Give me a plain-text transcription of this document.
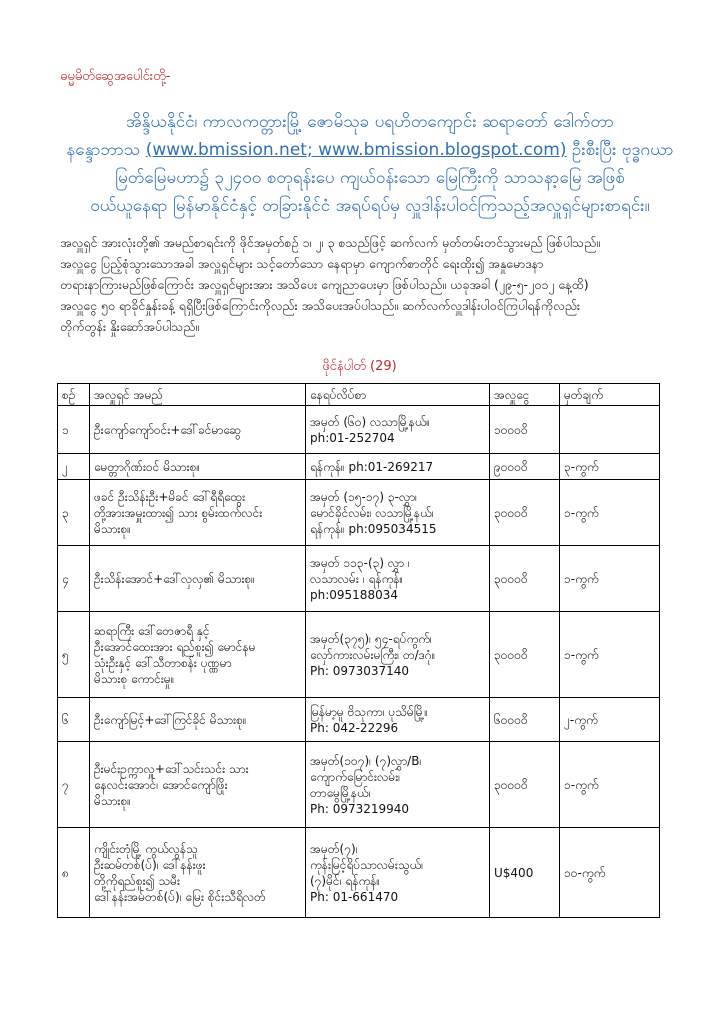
ဓမ္မမိတ်ဆွေအပေါင်းတို့-
အိန္ဒိယနိုင်ငံ၊ ကာလကတ္တားမြို့ ဇောမိသုခ ပရဟိတကျောင်း ဆရာတော် ဒေါက်တာ
နန္ဒောဘာသ (www.bmission.net; www.bmission.blogspot.com) ဦးစီးပြီး ဗုဒ္ဓဂယာ
မြတ်မြေမဟာ၌ ၃၂၄၀၀ စတုရန်းပေ ကျယ်ဝန်းသော မြေကြီးကို သာသနာ့မြေ အဖြစ်
ဝယ်ယူနေရာ မြန်မာနိုင်ငံနှင့် တခြားနိုင်ငံ အရပ်ရပ်မှ လှူဒါန်းပါဝင်ကြသည့်အလှူရှင်များစာရင်း။
အလှူရှင် အားလုံးတို့၏ အမည်စာရင်းကို ဖိုင်အမှတ်စဉ် ၁၊ ၂၊ ၃ စသည်ဖြင့် ဆက်လက် မှတ်တမ်းတင်သွားမည် ဖြစ်ပါသည်။
အလှူငွေ ပြည့်စုံသွားသောအခါ အလှူရှင်များ သင့်တော်သော နေရာမှာ ကျောက်စာတိုင် ရေးထိုး၍ အနှုမောဒနာ
တရားနာကြားမည်ဖြစ်ကြောင်း အလှူရှင်များအား အသိပေး ကျေညာပေးမှာ ဖြစ်ပါသည်။ ယခုအခါ (၂၉-၅-၂၀၁၂ နေ့ထိ)
အလှူငွေ ၅၀ ရာခိုင်နှုန်းခန့် ရရှိပြီးဖြစ်ကြောင်းကိုလည်း အသိပေးအပ်ပါသည်။ ဆက်လက်လှူဒါန်းပါဝင်ကြပါရန်ကိုလည်း
တိုက်တွန်း နှိုးဆော်အပ်ပါသည်။
ဖိုင်နံပါတ် (29)
စဉ်	အလှူရှင် အမည်	နေရပ်လိပ်စာ	အလှူငွေ	မှတ်ချက်
၁	ဦးကျော်ကျော်ဝင်း+ဒေါ်ခင်မာဆွေ	အမှတ် (၆၀) လသာမြို့နယ်။
ph:01-252704	၁၀၀၀၀ိ	
၂	မေတ္တာဂိုဏ်းဝင် မိသားစု။	ရန်ကုန်။ ph:01-269217	၉၀၀၀၀ိ	၃-ကွက်
၃	ဖခင် ဦးသိန်းဦး+မိခင် ဒေါ်ရီရီထွေး
တို့အားအမှူးထား၍ သား စွမ်းထက်လင်း
မိသားစု။	အမှတ် (၁၅-၁၇) ၃-လွှာ၊
မောင်ခိုင်လမ်း၊ လသာမြို့နယ်၊
ရန်ကုန်။ ph:095034515	၃၀၀၀၀ိ	၁-ကွက်
၄	ဦးသိန်းအောင်+ဒေါ်လှလှ၏ မိသားစု။	အမှတ် ၁၁၃-(၃) လွှာ ၊
လသာလမ်း ၊ ရန်ကုန်။
ph:095188034	၃၀၀၀၀ိ	၁-ကွက်
၅	ဆရာကြီး ဒေါ်တေဇာရီ နှင့်
ဦးအောင်ထေးအား ရည်စူး၍ မောင်နမ
သုံးဦးနှင့် ဒေါ်သီတာစန်း ပုဏ္ဏမာ
မိသားစု ကောင်းမှု။	အမှတ်(၃၇၅)၊ ၅၄-ရပ်ကွက်၊
လှော်ကားလမ်းမကြီး၊ တ/ဒဂုံ။
Ph: 0973037140	၃၀၀၀၀ိ	၁-ကွက်
၆	ဦးကျော်မြင့်+ဒေါ်ကြင်ခိုင် မိသားစု။	မြန်မာ့မူ ဗိသုကာ၊ ပုသိမ်မြို့။
Ph: 042-22296	၆၀၀၀၀ိ	၂-ကွက်
၇	ဦးမင်းဥက္ကာလှူ+ဒေါ်သင်းသင်း သား
နေလင်းအောင်၊ အောင်ကျော်ဖြိုး
မိသားစု။	အမှတ်(၁၀၇)၊ (၇)လွှာ/B၊
ကျောက်မြောင်းလမ်း၊
တာမွေမြို့နယ်၊
Ph: 0973219940	၃၀၀၀၀ိ	၁-ကွက်
၈	ကျိုင်းတုံမြို့ ကွယ်လွန်သူ
ဦးဆမ်တစ်(ပ်)၊ ဒေါ်နန်းဖူး
တို့ကိုရည်စူး၍ သမီး
ဒေါ်နန်းအမ်တစ်(ပ်)၊ မြေး စိုင်းသီရိလတ်	အမှတ်(၇)၊
ကုန်းမြင့်ရိပ်သာလမ်းသွယ်၊
(၇)မိုင်၊ ရန်ကုန်။
Ph: 01-661470	U$400	၁၀-ကွက်
